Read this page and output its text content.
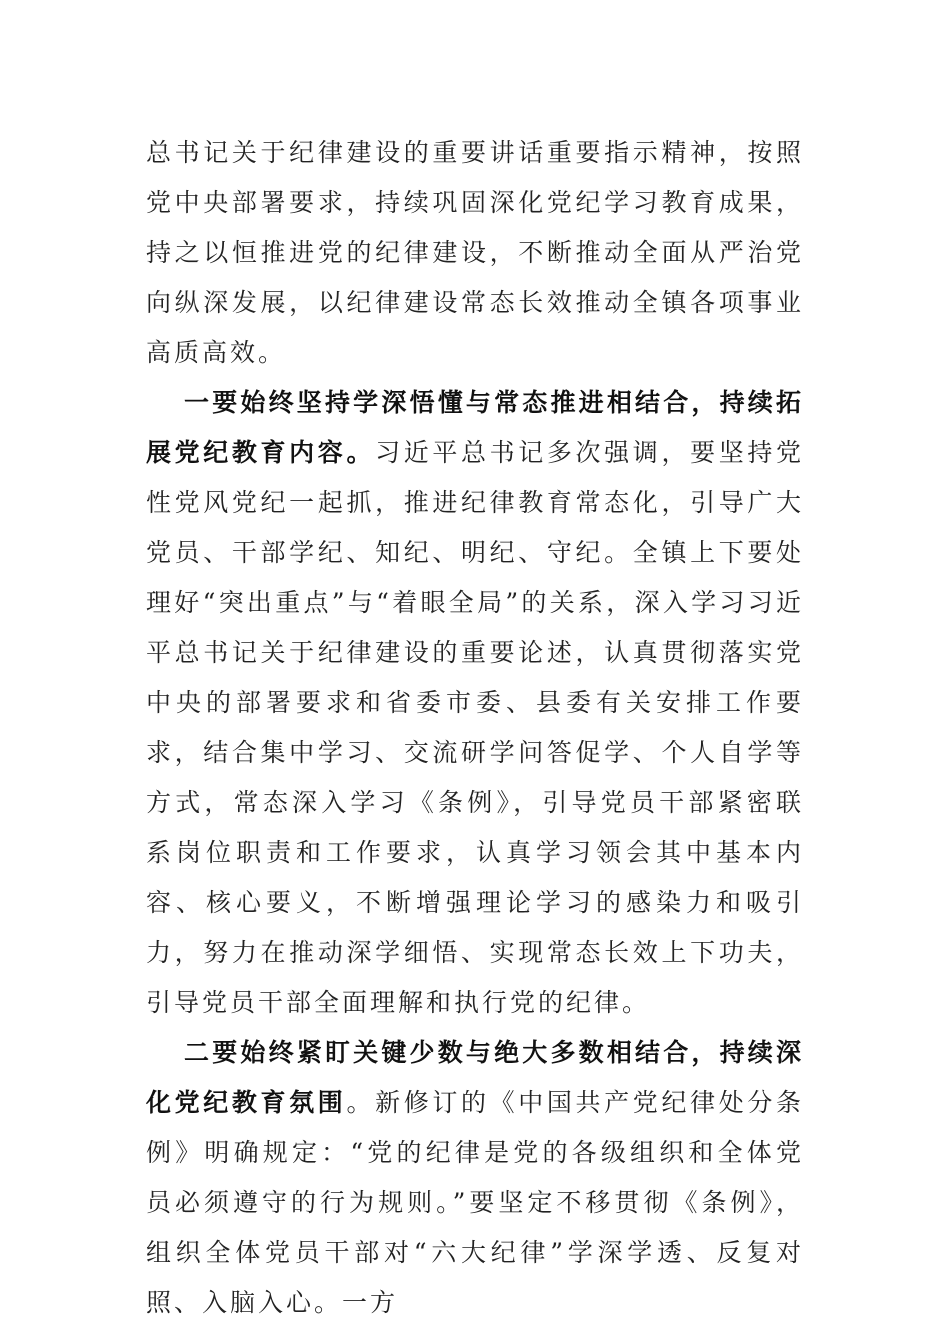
总书记关于纪律建设的重要讲话重要指示精神，按照党中央部署要求，持续巩固深化党纪学习教育成果，持之以恒推进党的纪律建设，不断推动全面从严治党向纵深发展，以纪律建设常态长效推动全镇各项事业高质高效。

一要始终坚持学深悟懂与常态推进相结合，持续拓展党纪教育内容。习近平总书记多次强调，要坚持党性党风党纪一起抓，推进纪律教育常态化，引导广大党员、干部学纪、知纪、明纪、守纪。全镇上下要处理好“突出重点”与“着眼全局”的关系，深入学习习近平总书记关于纪律建设的重要论述，认真贯彻落实党中央的部署要求和省委市委、县委有关安排工作要求，结合集中学习、交流研学问答促学、个人自学等方式，常态深入学习《条例》，引导党员干部紧密联系岗位职责和工作要求，认真学习领会其中基本内容、核心要义，不断增强理论学习的感染力和吸引力，努力在推动深学细悟、实现常态长效上下功夫，引导党员干部全面理解和执行党的纪律。

二要始终紧盯关键少数与绝大多数相结合，持续深化党纪教育氛围。新修订的《中国共产党纪律处分条例》明确规定：“党的纪律是党的各级组织和全体党员必须遵守的行为规则。”要坚定不移贯彻《条例》，组织全体党员干部对“六大纪律”学深学透、反复对照、入脑入心。一方
